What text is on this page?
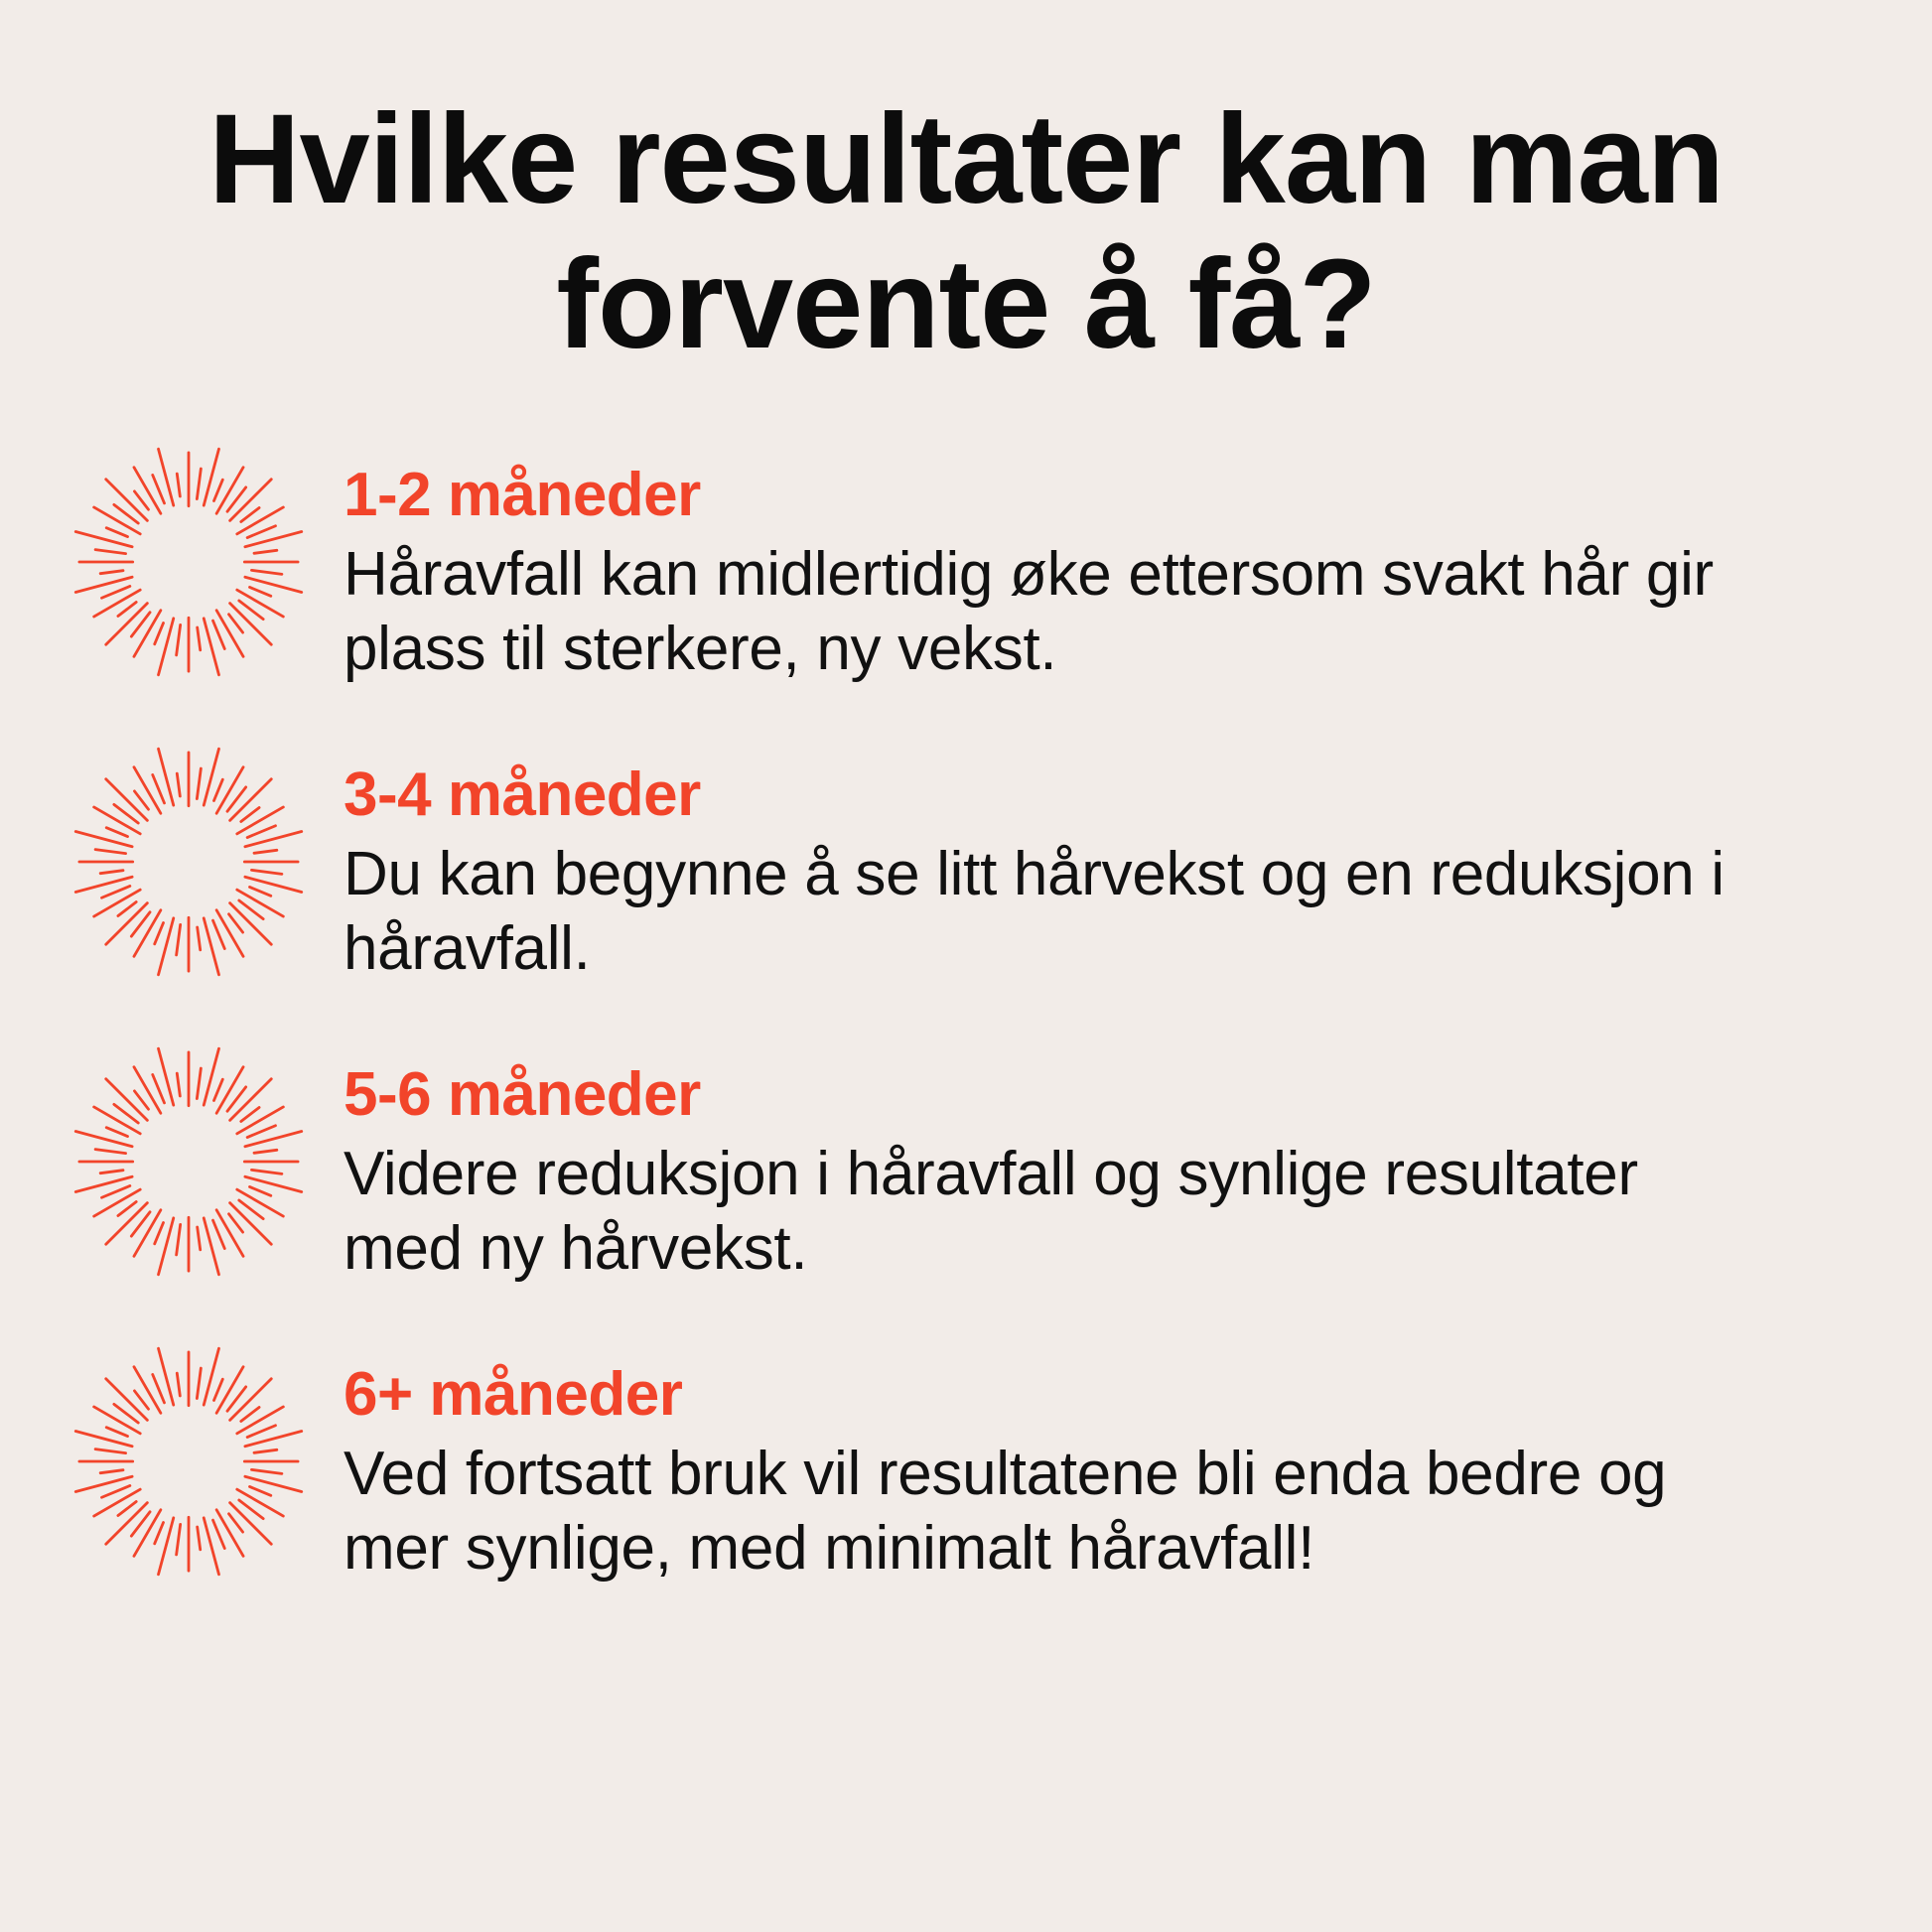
Hvilke resultater kan man forvente å få?
1-2 måneder
Håravfall kan midlertidig øke ettersom svakt hår gir plass til sterkere, ny vekst.
3-4 måneder
Du kan begynne å se litt hårvekst og en reduksjon i håravfall.
5-6 måneder
Videre reduksjon i håravfall og synlige resultater med ny hårvekst.
6+ måneder
Ved fortsatt bruk vil resultatene bli enda bedre og mer synlige, med minimalt håravfall!
